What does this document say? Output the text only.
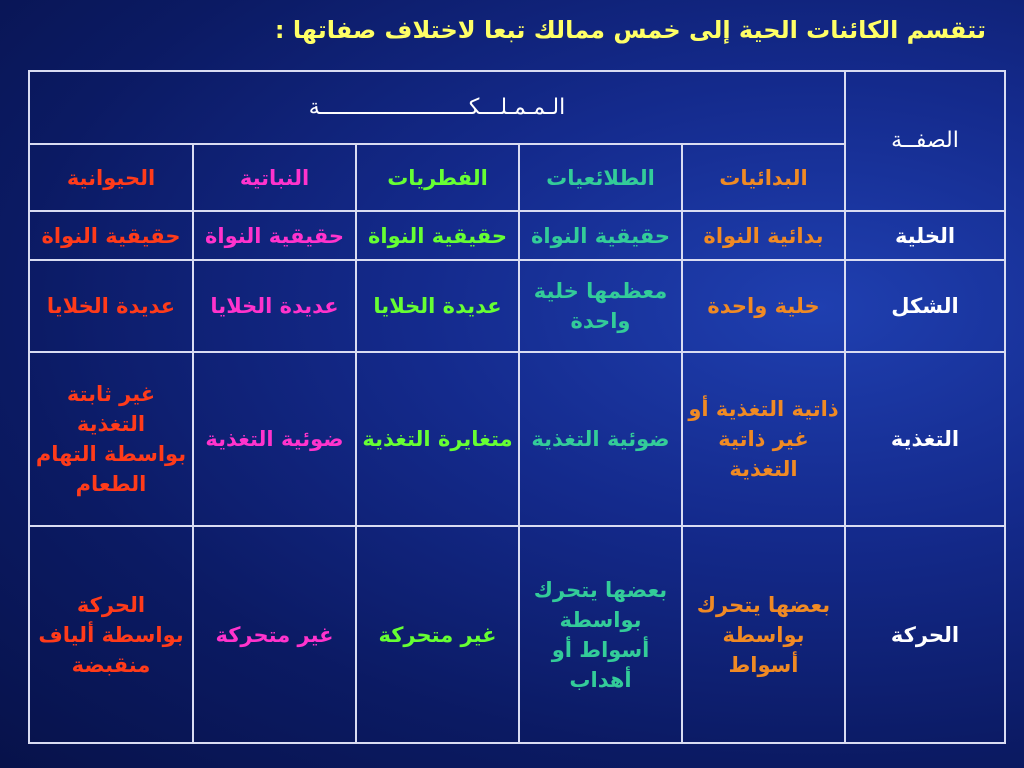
تتقسم الكائنات الحية إلى خمس ممالك تبعا لاختلاف صفاتها :
الصفــة	الـمـمـلـــكـــــــــــــــــــــــة				
	البدائيات	الطلائعيات	الفطريات	النباتية	الحيوانية
الخلية	بدائية النواة	حقيقية النواة	حقيقية النواة	حقيقية النواة	حقيقية النواة
الشكل	خلية واحدة	معظمها خلية واحدة	عديدة الخلايا	عديدة الخلايا	عديدة الخلايا
التغذية	ذاتية التغذية أو غير ذاتية التغذية	ضوئية التغذية	متغايرة التغذية	ضوئية التغذية	غير ثابتة التغذية بواسطة التهام الطعام
الحركة	بعضها يتحرك بواسطة أسواط	بعضها يتحرك بواسطة أسواط أو أهداب	غير متحركة	غير متحركة	الحركة بواسطة ألياف منقبضة
